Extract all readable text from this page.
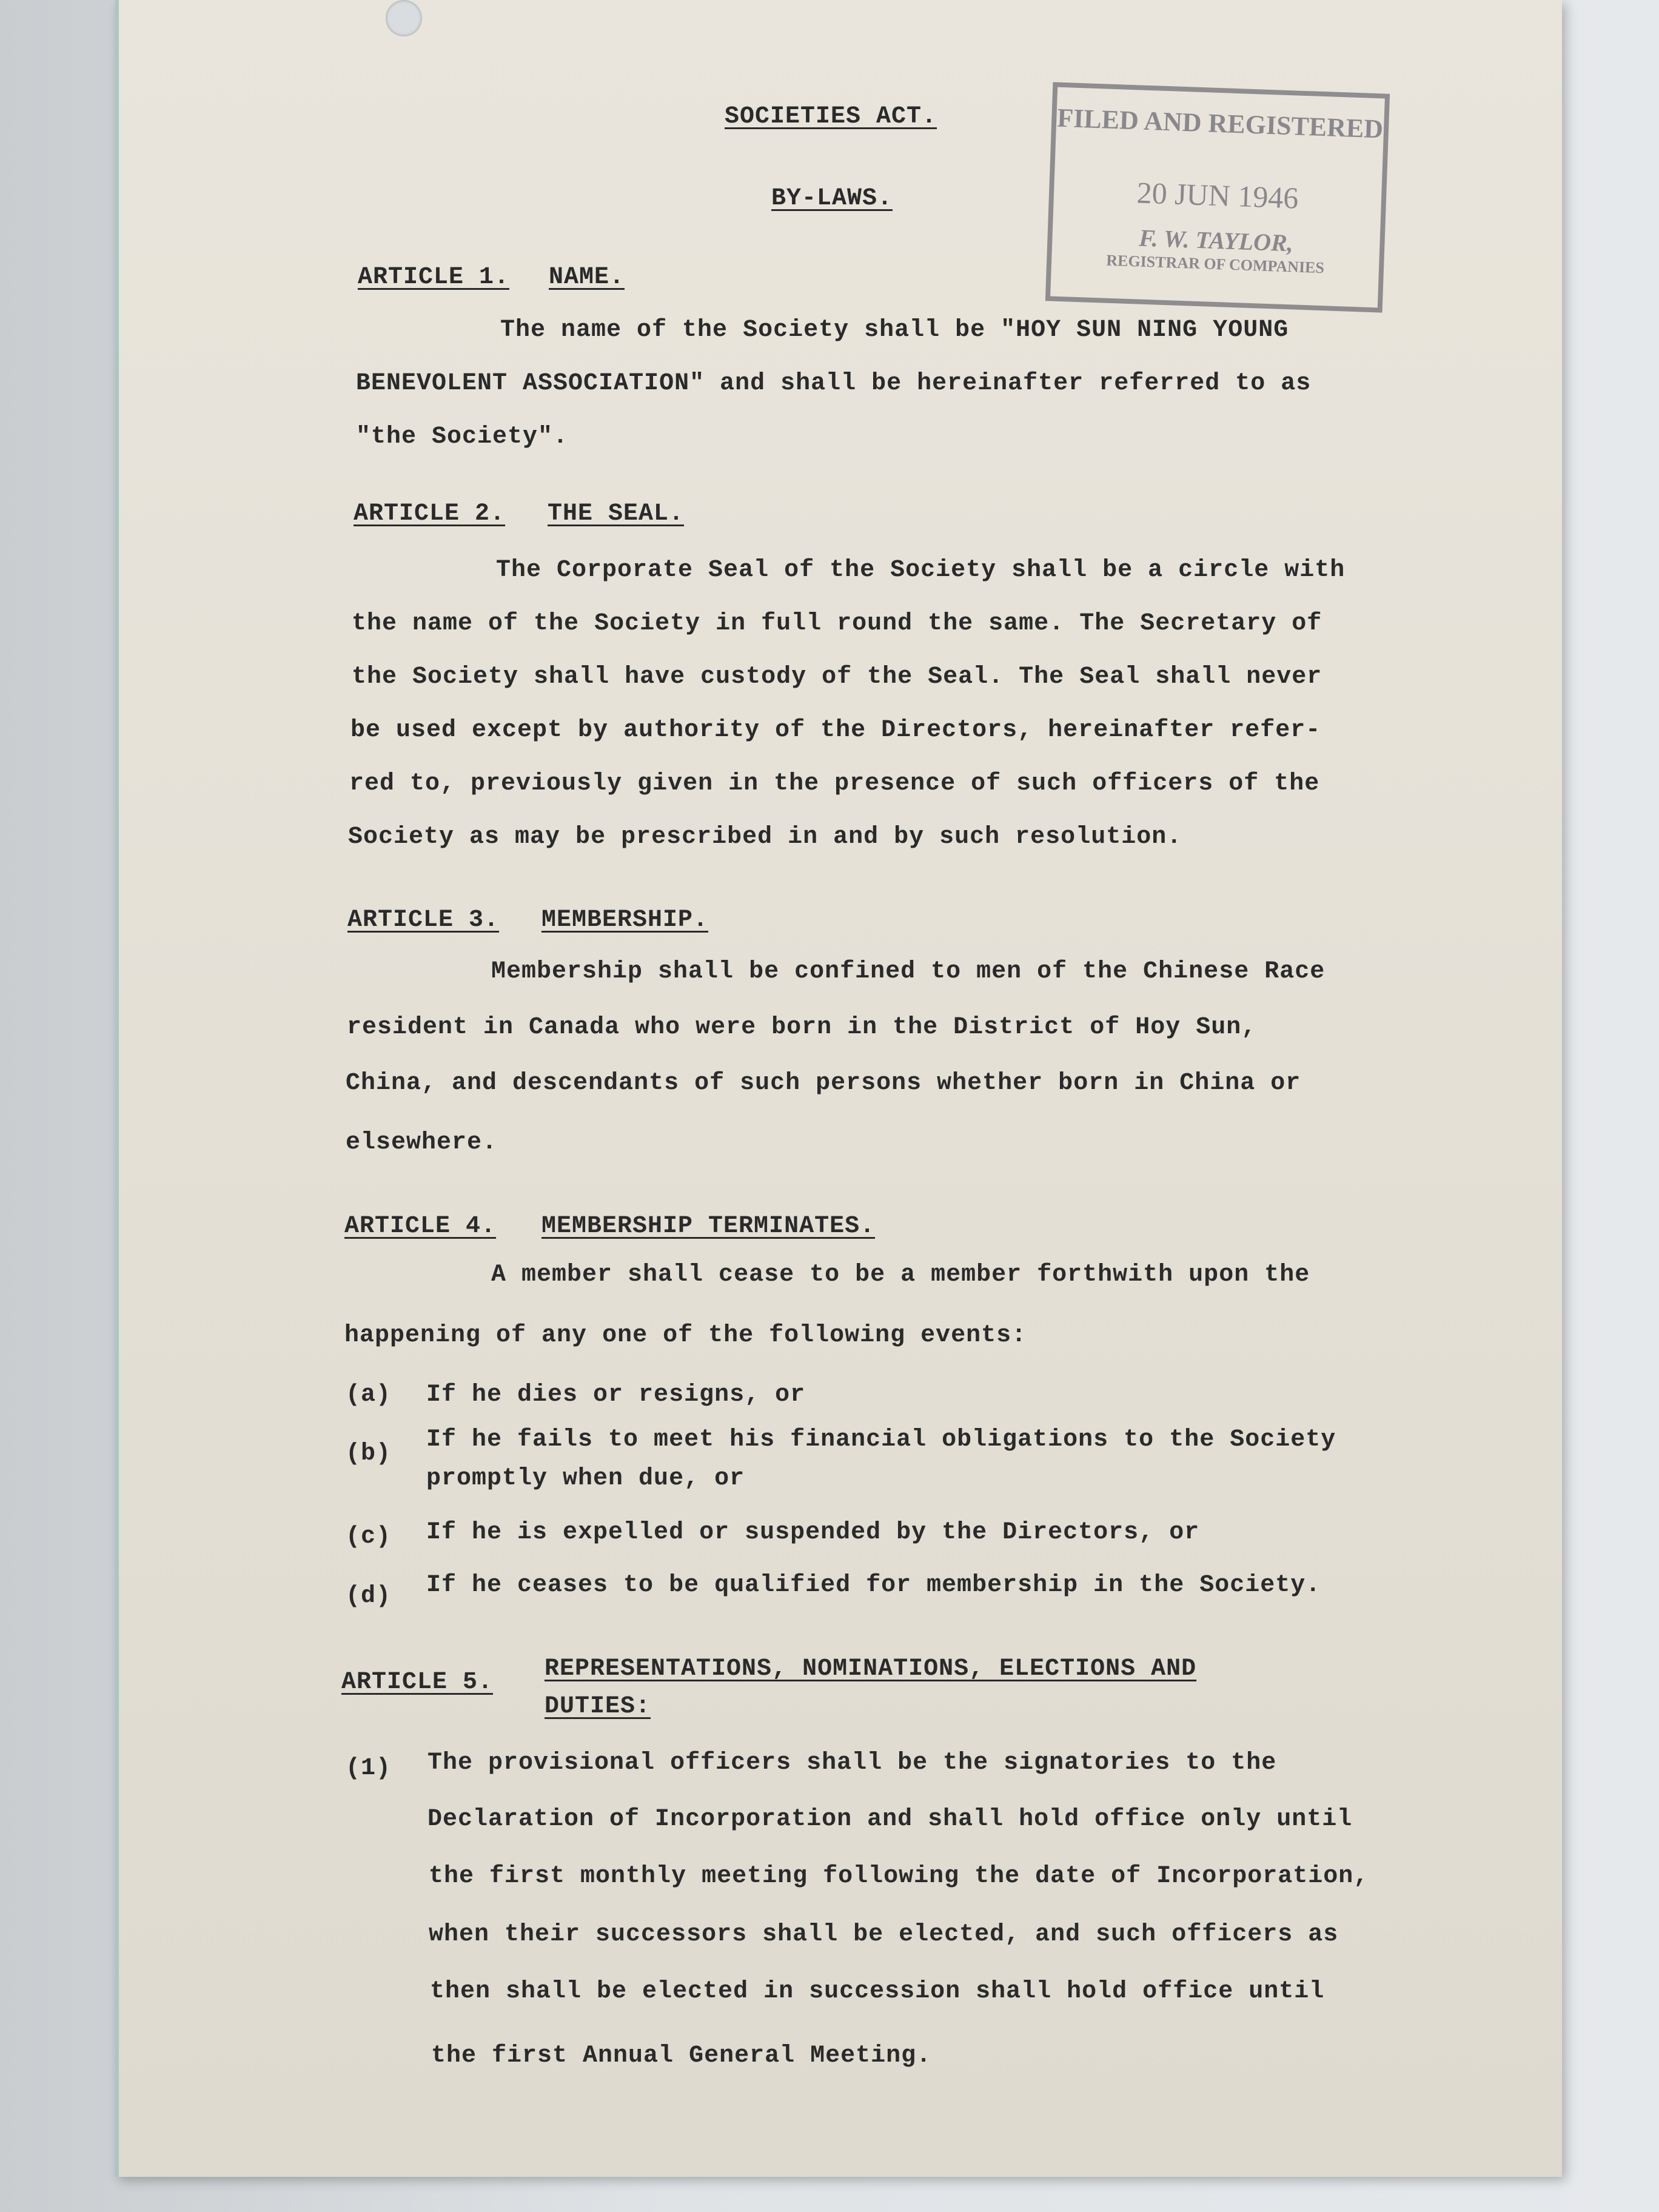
SOCIETIES ACT.
BY-LAWS.
FILED AND REGISTERED
20 JUN 1946
F. W. TAYLOR,
REGISTRAR OF COMPANIES
ARTICLE 1. NAME.
The name of the Society shall be "HOY SUN NING YOUNG
BENEVOLENT ASSOCIATION" and shall be hereinafter referred to as
"the Society".
ARTICLE 2. THE SEAL.
The Corporate Seal of the Society shall be a circle with
the name of the Society in full round the same. The Secretary of
the Society shall have custody of the Seal. The Seal shall never
be used except by authority of the Directors, hereinafter refer-
red to, previously given in the presence of such officers of the
Society as may be prescribed in and by such resolution.
ARTICLE 3. MEMBERSHIP.
Membership shall be confined to men of the Chinese Race
resident in Canada who were born in the District of Hoy Sun,
China, and descendants of such persons whether born in China or
elsewhere.
ARTICLE 4. MEMBERSHIP TERMINATES.
A member shall cease to be a member forthwith upon the
happening of any one of the following events:
(a) If he dies or resigns, or
(b)
If he fails to meet his financial obligations to the Society
promptly when due, or
(c) If he is expelled or suspended by the Directors, or
(d) If he ceases to be qualified for membership in the Society.
ARTICLE 5. REPRESENTATIONS, NOMINATIONS, ELECTIONS AND
DUTIES:
(1) The provisional officers shall be the signatories to the
Declaration of Incorporation and shall hold office only until
the first monthly meeting following the date of Incorporation,
when their successors shall be elected, and such officers as
then shall be elected in succession shall hold office until
the first Annual General Meeting.
